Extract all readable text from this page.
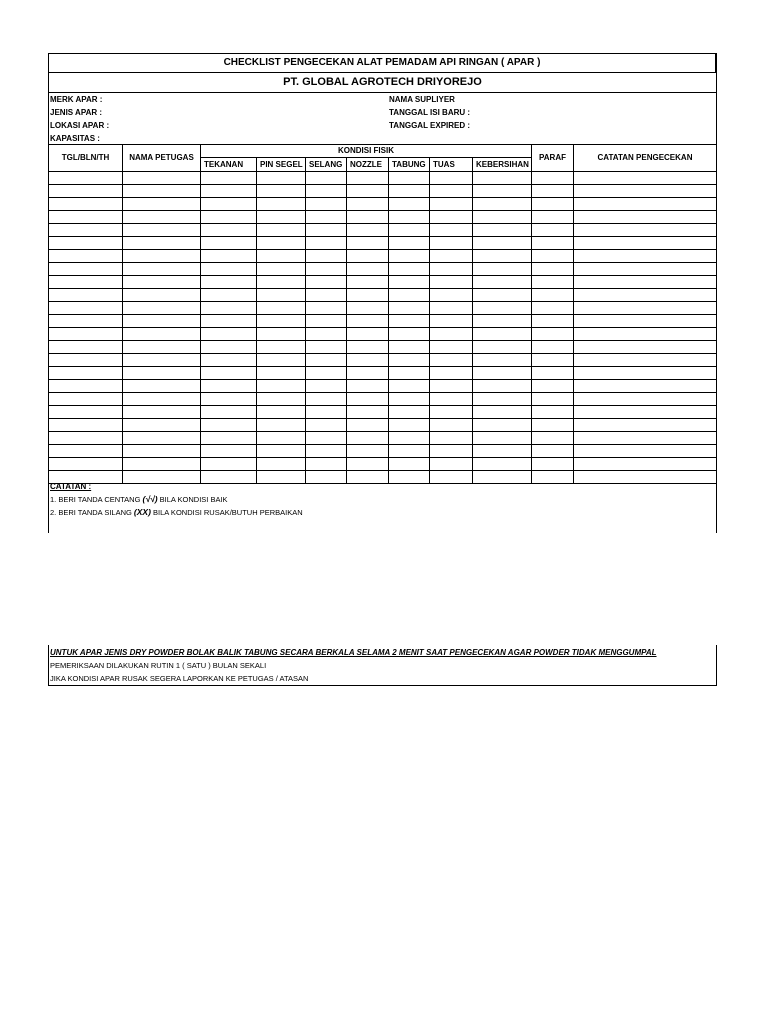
CHECKLIST PENGECEKAN ALAT PEMADAM API RINGAN ( APAR )
PT. GLOBAL AGROTECH DRIYOREJO
MERK APAR :
JENIS APAR :
LOKASI APAR :
KAPASITAS :
NAMA SUPLIYER
TANGGAL ISI BARU :
TANGGAL EXPIRED :
TGL/BLN/TH	NAMA PETUGAS	KONDISI FISIK							PARAF	CATATAN PENGECEKAN
		TEKANAN	PIN SEGEL	SELANG	NOZZLE	TABUNG	TUAS	KEBERSIHAN		

CATATAN :
1. BERI TANDA CENTANG (√√) BILA KONDISI BAIK
2. BERI TANDA SILANG (XX) BILA KONDISI RUSAK/BUTUH PERBAIKAN
UNTUK APAR JENIS DRY POWDER BOLAK BALIK TABUNG SECARA BERKALA SELAMA 2 MENIT SAAT PENGECEKAN AGAR POWDER TIDAK MENGGUMPAL
PEMERIKSAAN DILAKUKAN RUTIN 1 ( SATU ) BULAN SEKALI
JIKA KONDISI APAR RUSAK SEGERA LAPORKAN KE PETUGAS / ATASAN
